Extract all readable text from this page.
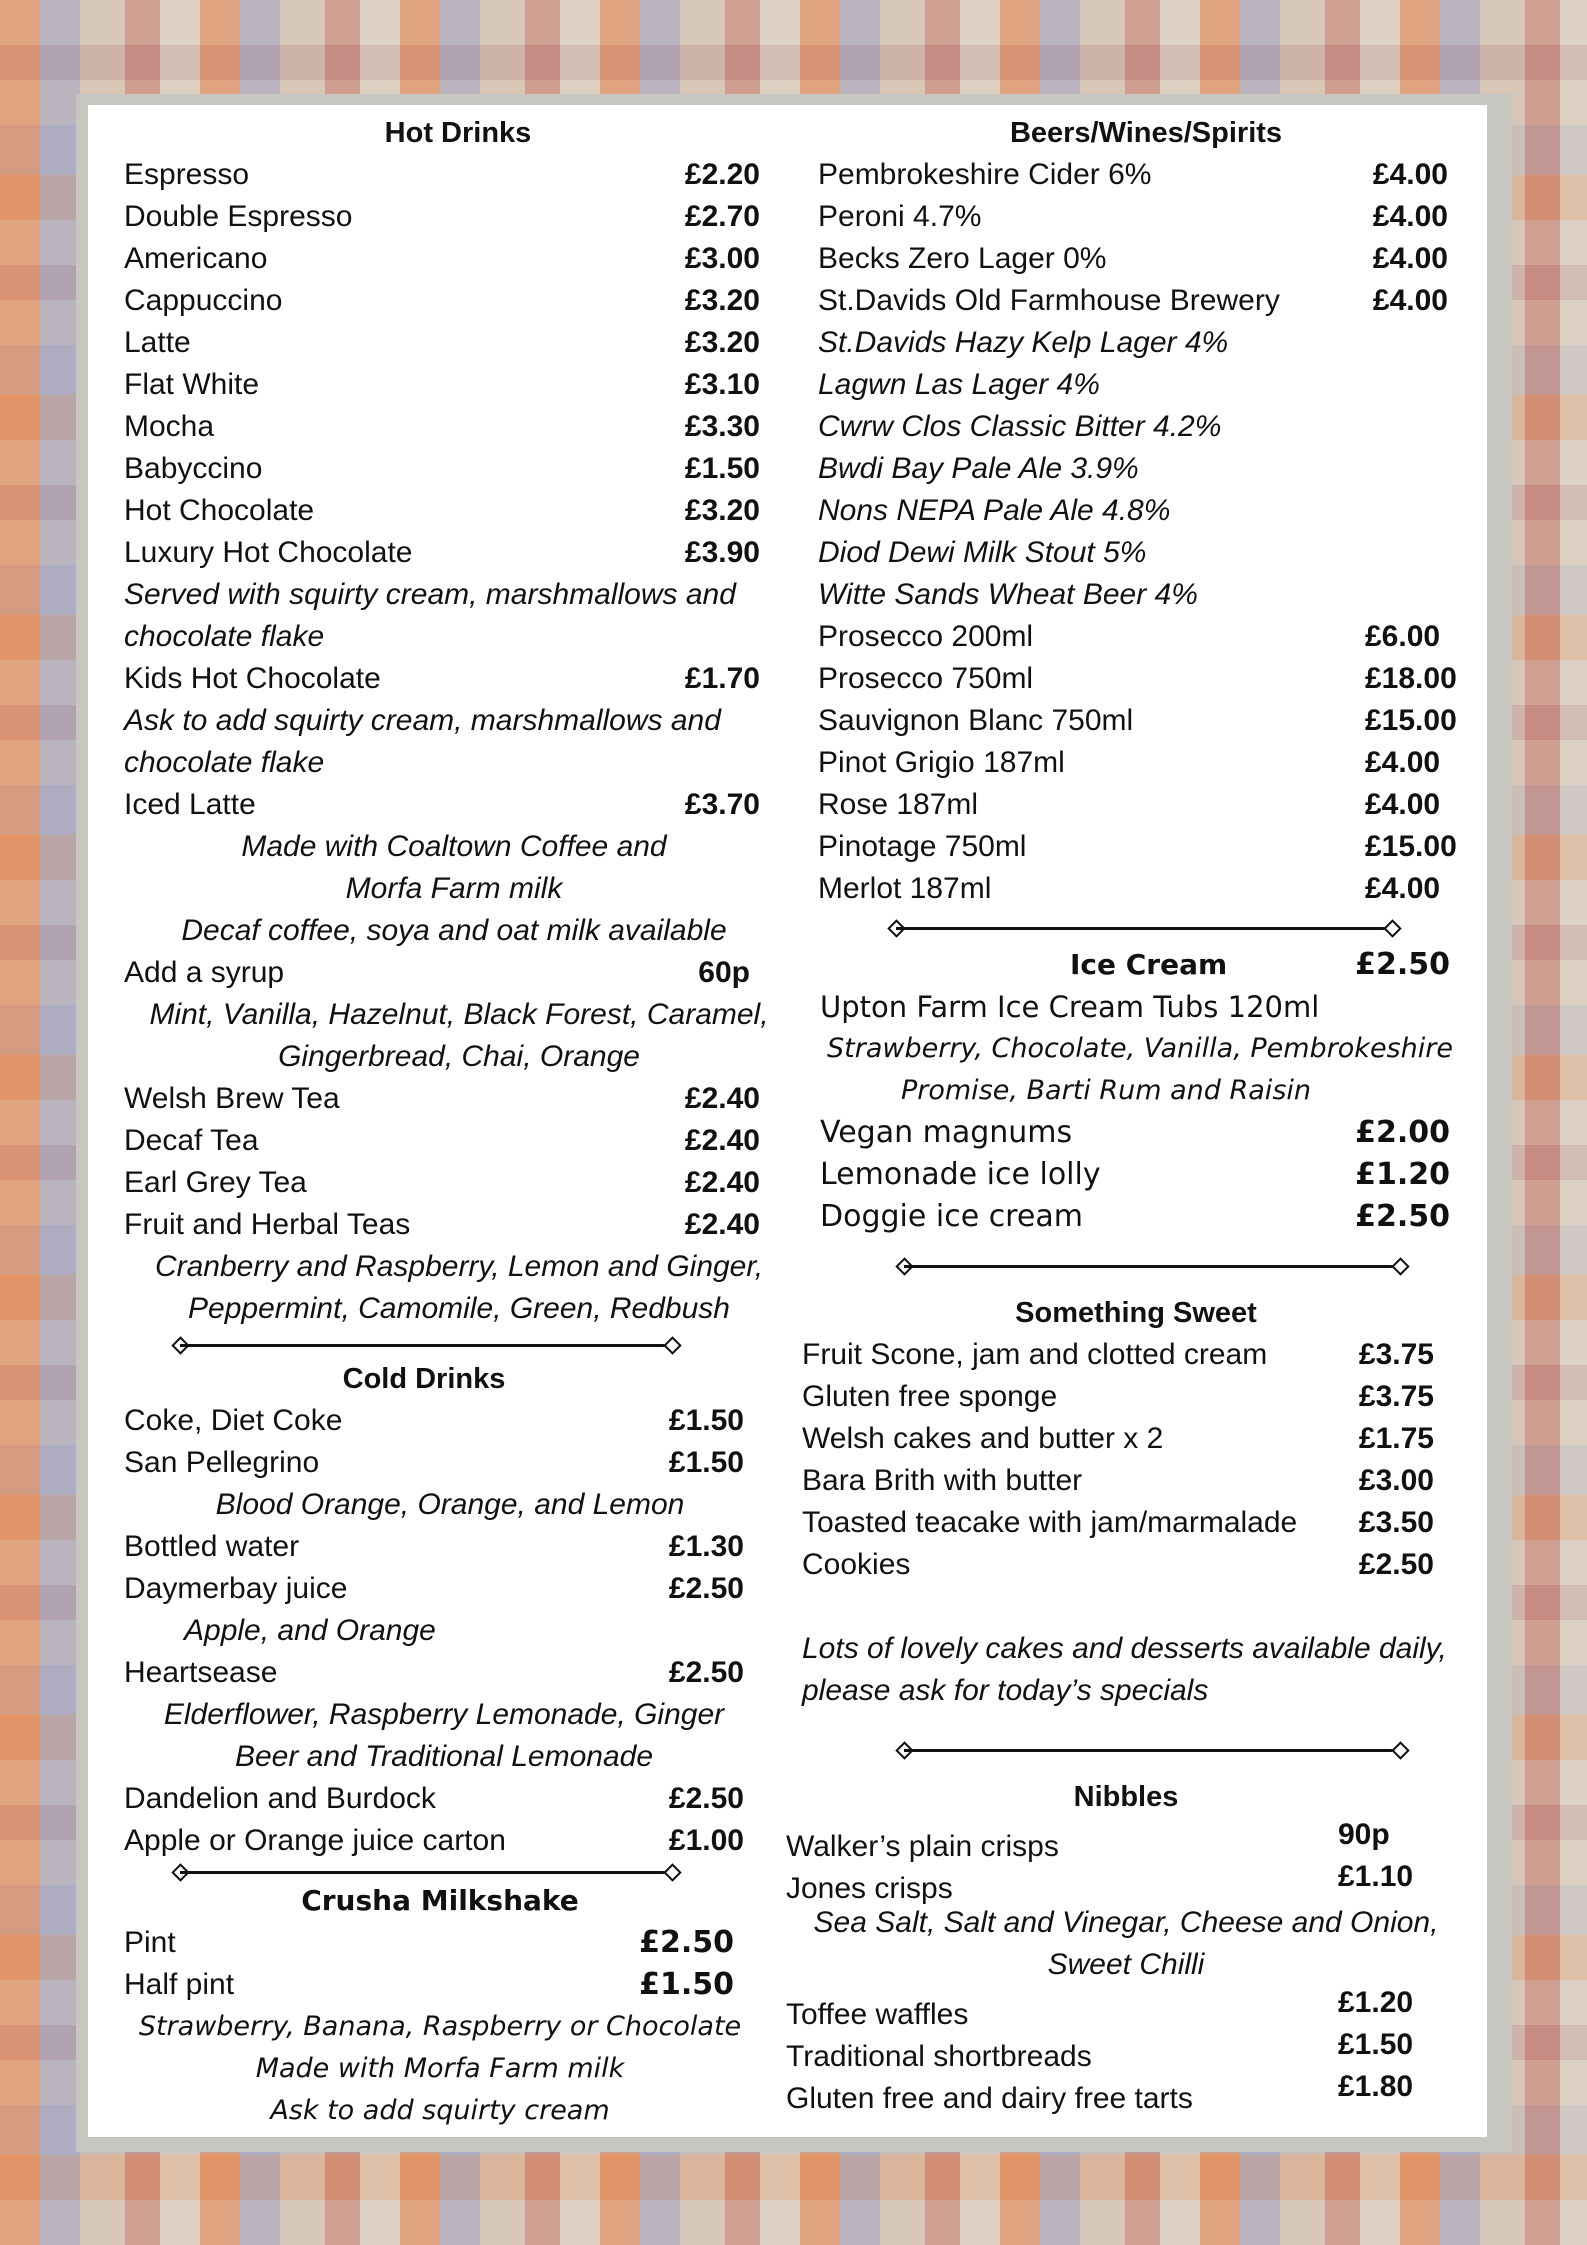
Hot Drinks
Espresso	£2.20
Double Espresso	£2.70
Americano	£3.00
Cappuccino	£3.20
Latte	£3.20
Flat White	£3.10
Mocha	£3.30
Babyccino	£1.50
Hot Chocolate	£3.20
Luxury Hot Chocolate	£3.90
Served with squirty cream, marshmallows and
chocolate flake
Kids Hot Chocolate	£1.70
Ask to add squirty cream, marshmallows and
chocolate flake
Iced Latte	£3.70
Made with Coaltown Coffee and
Morfa Farm milk
Decaf coffee, soya and oat milk available
Add a syrup	60p
Mint, Vanilla, Hazelnut, Black Forest, Caramel,
Gingerbread, Chai, Orange
Welsh Brew Tea	£2.40
Decaf Tea	£2.40
Earl Grey Tea	£2.40
Fruit and Herbal Teas	£2.40
Cranberry and Raspberry, Lemon and Ginger,
Peppermint, Camomile, Green, Redbush
Cold Drinks
Coke, Diet Coke	£1.50
San Pellegrino	£1.50
Blood Orange, Orange, and Lemon
Bottled water	£1.30
Daymerbay juice	£2.50
Apple, and Orange
Heartsease	£2.50
Elderflower, Raspberry Lemonade, Ginger
Beer and Traditional Lemonade
Dandelion and Burdock	£2.50
Apple or Orange juice carton	£1.00
Crusha Milkshake
Pint	£2.50
Half pint	£1.50
Strawberry, Banana, Raspberry or Chocolate
Made with Morfa Farm milk
Ask to add squirty cream
Beers/Wines/Spirits
Pembrokeshire Cider 6%	£4.00
Peroni 4.7%	£4.00
Becks Zero Lager 0%	£4.00
St.Davids Old Farmhouse Brewery	£4.00
St.Davids Hazy Kelp Lager 4%
Lagwn Las Lager 4%
Cwrw Clos Classic Bitter 4.2%
Bwdi Bay Pale Ale 3.9%
Nons NEPA Pale Ale 4.8%
Diod Dewi Milk Stout 5%
Witte Sands Wheat Beer 4%
Prosecco 200ml	£6.00
Prosecco 750ml	£18.00
Sauvignon Blanc 750ml	£15.00
Pinot Grigio 187ml	£4.00
Rose 187ml	£4.00
Pinotage 750ml	£15.00
Merlot 187ml	£4.00
Ice Cream	£2.50
Upton Farm Ice Cream Tubs 120ml
Strawberry, Chocolate, Vanilla, Pembrokeshire
Promise, Barti Rum and Raisin
Vegan magnums	£2.00
Lemonade ice lolly	£1.20
Doggie ice cream	£2.50
Something Sweet
Fruit Scone, jam and clotted cream	£3.75
Gluten free sponge	£3.75
Welsh cakes and butter x 2	£1.75
Bara Brith with butter	£3.00
Toasted teacake with jam/marmalade £3.50
Cookies	£2.50
Lots of lovely cakes and desserts available daily,
please ask for today’s specials
Nibbles
Walker’s plain crisps	90p
Jones crisps	£1.10
Sea Salt, Salt and Vinegar, Cheese and Onion,
Sweet Chilli
Toffee waffles	£1.20
Traditional shortbreads	£1.50
Gluten free and dairy free tarts	£1.80
